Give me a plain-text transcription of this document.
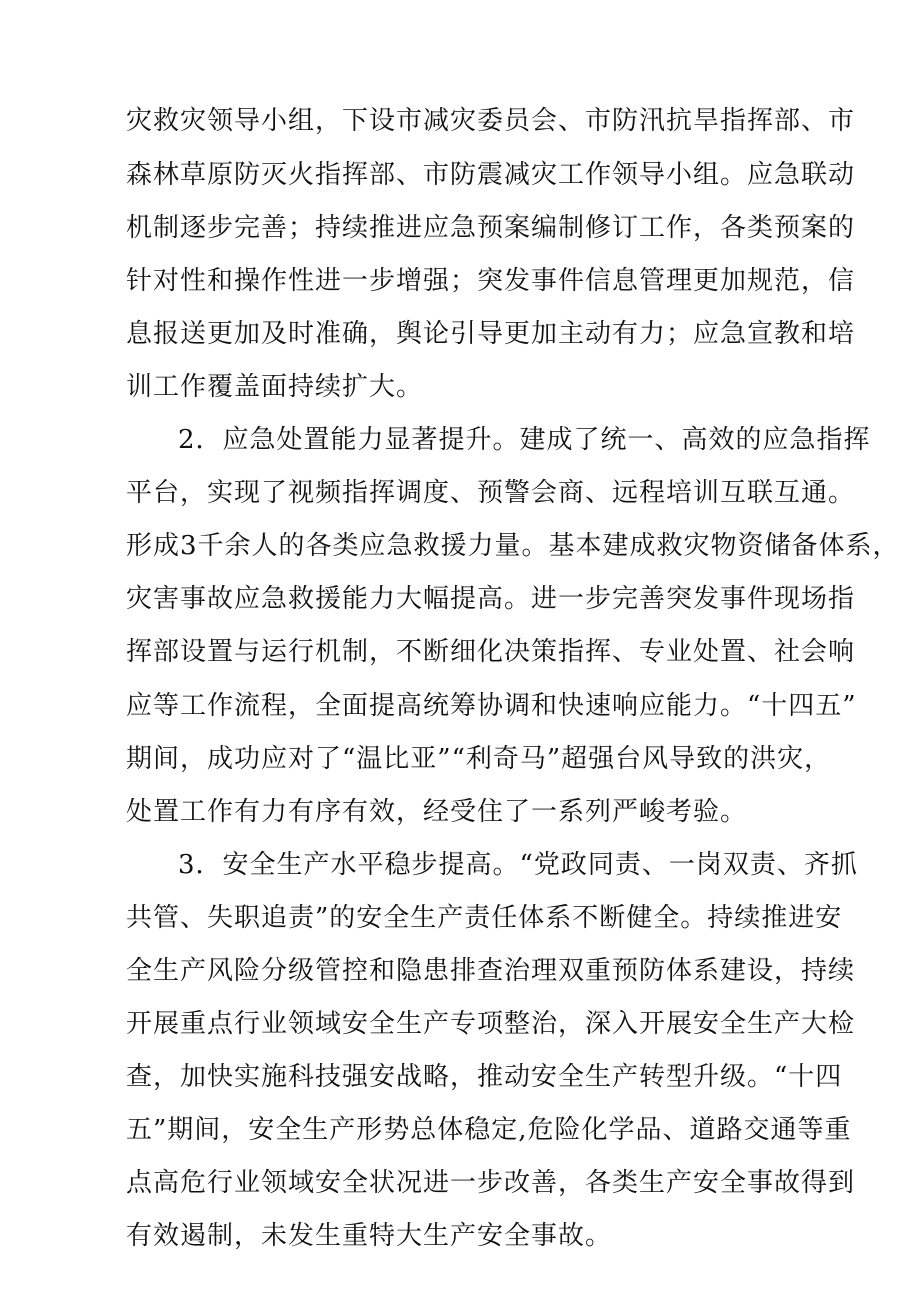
灾救灾领导小组，下设市减灾委员会、市防汛抗旱指挥部、市
森林草原防灭火指挥部、市防震减灾工作领导小组。应急联动
机制逐步完善；持续推进应急预案编制修订工作，各类预案的
针对性和操作性进一步增强；突发事件信息管理更加规范，信
息报送更加及时准确，舆论引导更加主动有力；应急宣教和培
训工作覆盖面持续扩大。
2．应急处置能力显著提升。建成了统一、高效的应急指挥
平台，实现了视频指挥调度、预警会商、远程培训互联互通。
形成3千余人的各类应急救援力量。基本建成救灾物资储备体系，
灾害事故应急救援能力大幅提高。进一步完善突发事件现场指
挥部设置与运行机制，不断细化决策指挥、专业处置、社会响
应等工作流程，全面提高统筹协调和快速响应能力。“十四五”
期间，成功应对了“温比亚”“利奇马”超强台风导致的洪灾，
处置工作有力有序有效，经受住了一系列严峻考验。
3．安全生产水平稳步提高。“党政同责、一岗双责、齐抓
共管、失职追责”的安全生产责任体系不断健全。持续推进安
全生产风险分级管控和隐患排查治理双重预防体系建设，持续
开展重点行业领域安全生产专项整治，深入开展安全生产大检
查，加快实施科技强安战略，推动安全生产转型升级。“十四
五”期间，安全生产形势总体稳定,危险化学品、道路交通等重
点高危行业领域安全状况进一步改善，各类生产安全事故得到
有效遏制，未发生重特大生产安全事故。
